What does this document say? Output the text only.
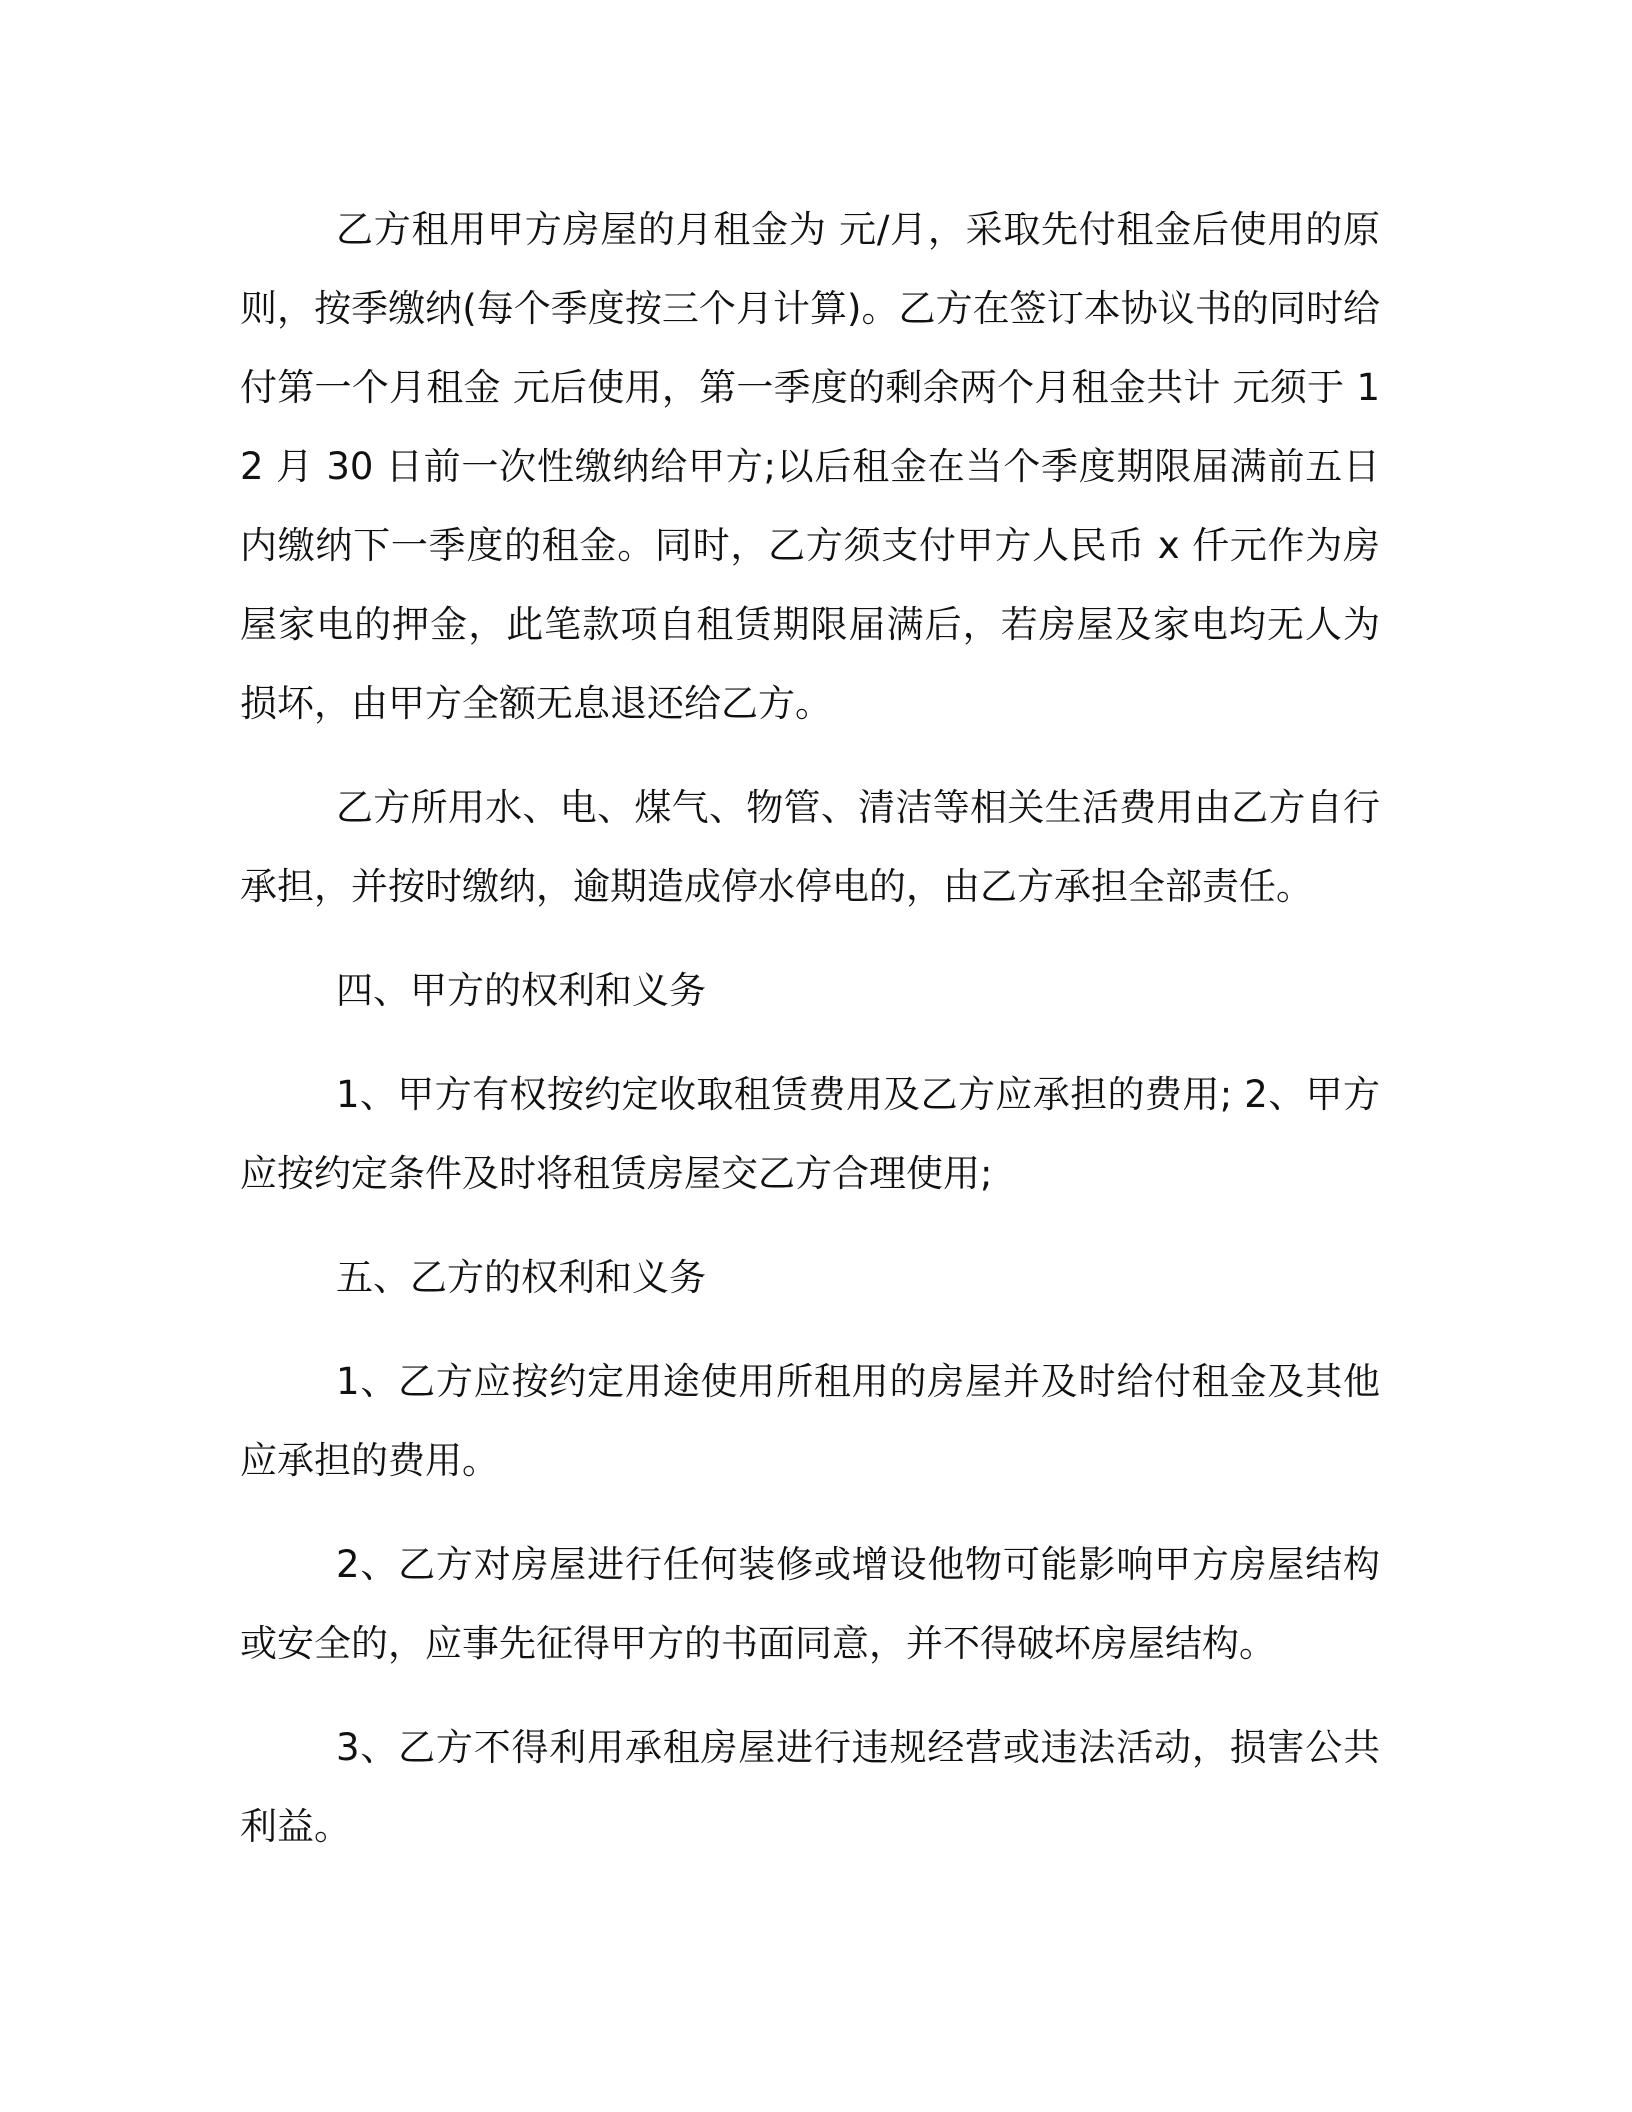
乙方租用甲方房屋的月租金为 元/月，采取先付租金后使用的原则，按季缴纳(每个季度按三个月计算)。乙方在签订本协议书的同时给付第一个月租金 元后使用，第一季度的剩余两个月租金共计 元须于 12 月 30 日前一次性缴纳给甲方;以后租金在当个季度期限届满前五日内缴纳下一季度的租金。同时，乙方须支付甲方人民币 x 仟元作为房屋家电的押金，此笔款项自租赁期限届满后，若房屋及家电均无人为损坏，由甲方全额无息退还给乙方。

乙方所用水、电、煤气、物管、清洁等相关生活费用由乙方自行承担，并按时缴纳，逾期造成停水停电的，由乙方承担全部责任。

四、甲方的权利和义务

1、甲方有权按约定收取租赁费用及乙方应承担的费用; 2、甲方应按约定条件及时将租赁房屋交乙方合理使用;

五、乙方的权利和义务

1、乙方应按约定用途使用所租用的房屋并及时给付租金及其他应承担的费用。

2、乙方对房屋进行任何装修或增设他物可能影响甲方房屋结构或安全的，应事先征得甲方的书面同意，并不得破坏房屋结构。

3、乙方不得利用承租房屋进行违规经营或违法活动，损害公共利益。
